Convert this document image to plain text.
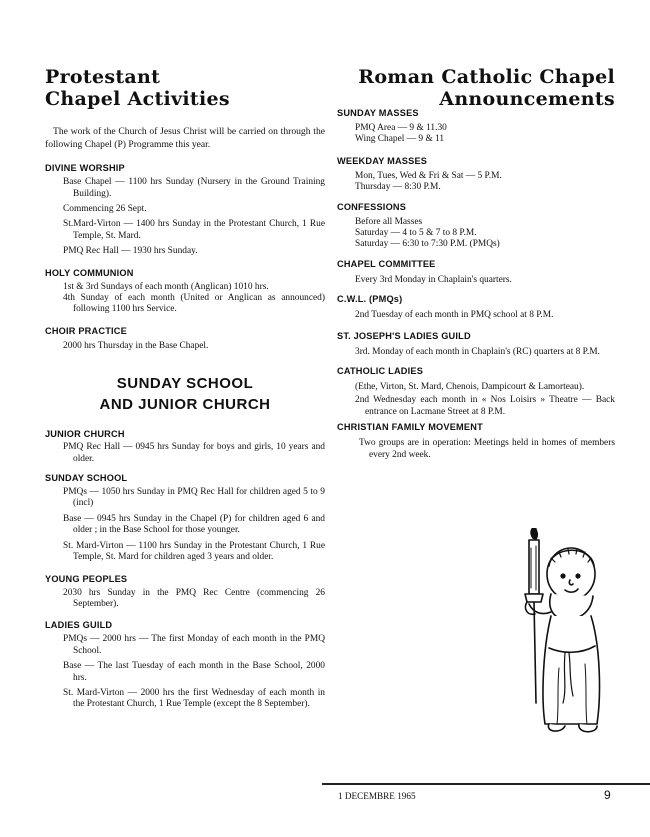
Protestant
Chapel Activities

The work of the Church of Jesus Christ will be carried on through the following Chapel (P) Programme this year.

DIVINE WORSHIP

Base Chapel — 1100 hrs Sunday (Nursery in the Ground Training Building).

Commencing 26 Sept.

St.Mard-Virton — 1400 hrs Sunday in the Protestant Church, 1 Rue Temple, St. Mard.

PMQ Rec Hall — 1930 hrs Sunday.

HOLY COMMUNION

1st & 3rd Sundays of each month (Anglican) 1010 hrs.

4th Sunday of each month (United or Anglican as announced) following 1100 hrs Service.

CHOIR PRACTICE

2000 hrs Thursday in the Base Chapel.

SUNDAY SCHOOL
AND JUNIOR CHURCH
JUNIOR CHURCH

PMQ Rec Hall — 0945 hrs Sunday for boys and girls, 10 years and older.

SUNDAY SCHOOL

PMQs — 1050 hrs Sunday in PMQ Rec Hall for children aged 5 to 9 (incl)

Base — 0945 hrs Sunday in the Chapel (P) for children aged 6 and older ; in the Base School for those younger.

St. Mard-Virton — 1100 hrs Sunday in the Protestant Church, 1 Rue Temple, St. Mard for children aged 3 years and older.

YOUNG PEOPLES

2030 hrs Sunday in the PMQ Rec Centre (commencing 26 September).

LADIES GUILD

PMQs — 2000 hrs — The first Monday of each month in the PMQ School.

Base — The last Tuesday of each month in the Base School, 2000 hrs.

St. Mard-Virton — 2000 hrs the first Wednesday of each month in the Protestant Church, 1 Rue Temple (except the 8 September).

Roman Catholic Chapel
Announcements
SUNDAY MASSES

PMQ Area — 9 & 11.30

Wing Chapel — 9 & 11

WEEKDAY MASSES

Mon, Tues, Wed & Fri & Sat — 5 P.M.

Thursday — 8:30 P.M.

CONFESSIONS

Before all Masses

Saturday — 4 to 5 & 7 to 8 P.M.

Saturday — 6:30 to 7:30 P.M. (PMQs)

CHAPEL COMMITTEE

Every 3rd Monday in Chaplain's quarters.

C.W.L. (PMQs)

2nd Tuesday of each month in PMQ school at 8 P.M.

ST. JOSEPH'S LADIES GUILD

3rd. Monday of each month in Chaplain's (RC) quarters at 8 P.M.

CATHOLIC LADIES

(Ethe, Virton, St. Mard, Chenois, Dampicourt & Lamorteau).

2nd Wednesday each month in « Nos Loisirs » Theatre — Back entrance on Lacmane Street at 8 P.M.

CHRISTIAN FAMILY MOVEMENT

Two groups are in operation: Meetings held in homes of members every 2nd week.

1 DECEMBRE 1965	9
